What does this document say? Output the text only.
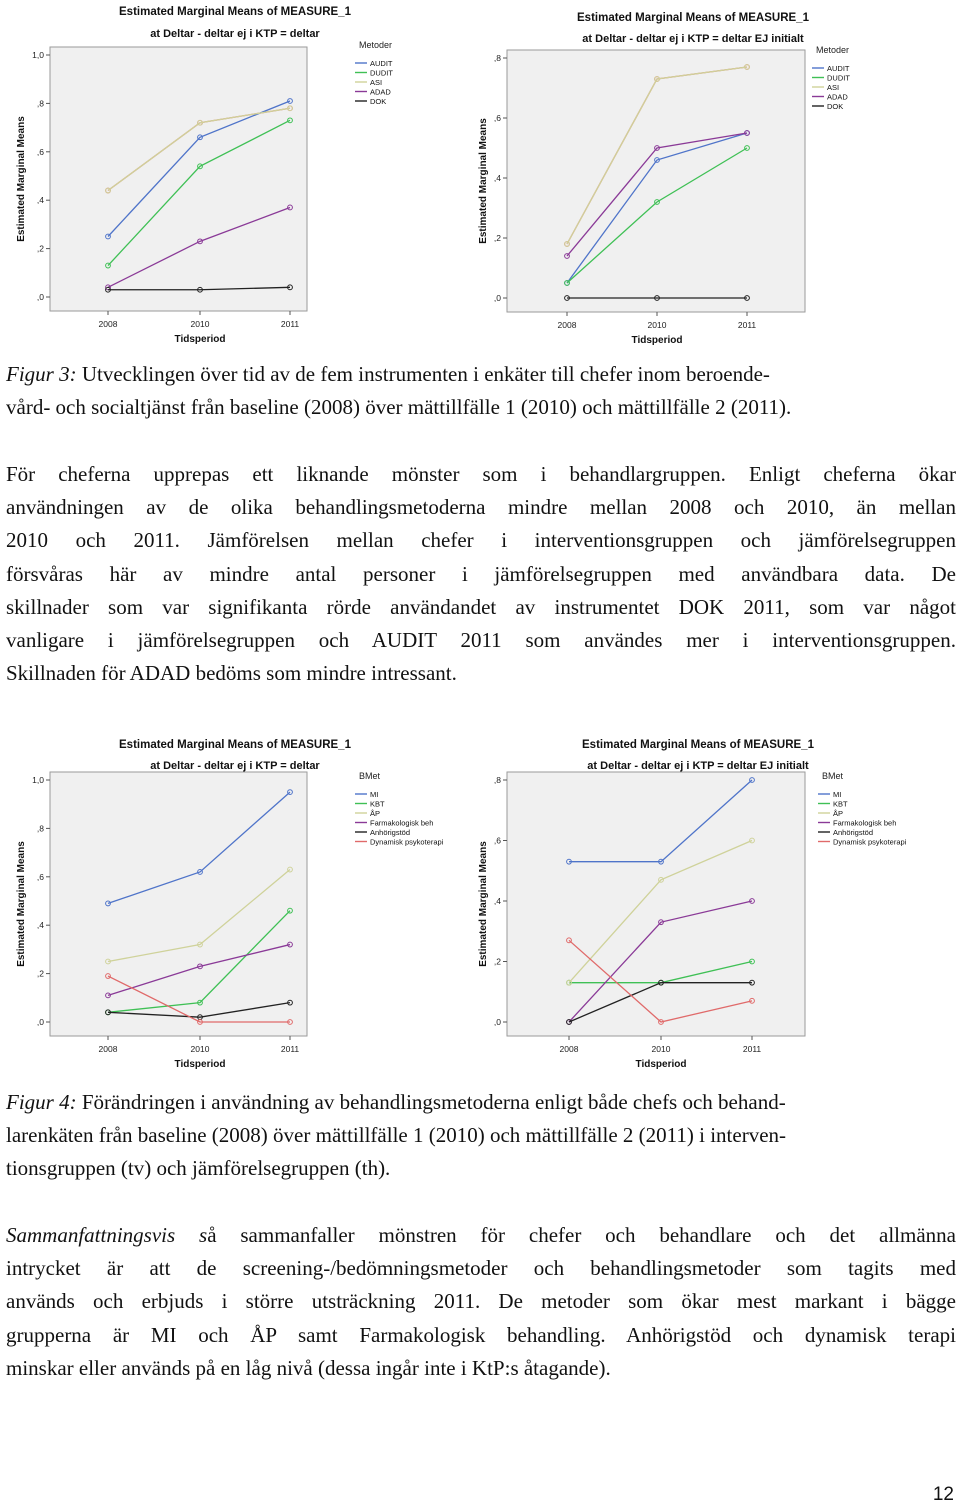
Estimated Marginal Means of MEASURE_1
at Deltar - deltar ej i KTP = deltar
,0
,2
,4
,6
,8
1,0
Estimated Marginal Means
2008	2010	2011
Tidsperiod
Metoder
AUDIT
DUDIT
ASI
ADAD
DOK
Estimated Marginal Means of MEASURE_1
at Deltar - deltar ej i KTP = deltar EJ initialt
,0
,2
,4
,6
,8
Estimated Marginal Means
2008	2010	2011
Tidsperiod
Metoder
AUDIT
DUDIT
ASI
ADAD
DOK
Figur 3: Utvecklingen över tid av de fem instrumenten i enkäter till chefer inom beroende-
vård- och socialtjänst från baseline (2008) över mättillfälle 1 (2010) och mättillfälle 2 (2011).
För cheferna upprepas ett liknande mönster som i behandlargruppen. Enligt cheferna ökar
användningen av de olika behandlingsmetoderna mindre mellan 2008 och 2010, än mellan
2010 och 2011. Jämförelsen mellan chefer i interventionsgruppen och jämförelsegruppen
försvåras här av mindre antal personer i jämförelsegruppen med användbara data. De
skillnader som var signifikanta rörde användandet av instrumentet DOK 2011, som var något
vanligare i jämförelsegruppen och AUDIT 2011 som användes mer i interventionsgruppen.
Skillnaden för ADAD bedöms som mindre intressant.
Estimated Marginal Means of MEASURE_1
at Deltar - deltar ej i KTP = deltar
,0
,2
,4
,6
,8
1,0
Estimated Marginal Means
2008	2010	2011
Tidsperiod
BMet
MI
KBT
ÅP
Farmakologisk beh
Anhörigstöd
Dynamisk psykoterapi
Estimated Marginal Means of MEASURE_1
at Deltar - deltar ej i KTP = deltar EJ initialt
,0
,2
,4
,6
,8
Estimated Marginal Means
2008	2010	2011
Tidsperiod
BMet
MI
KBT
ÅP
Farmakologisk beh
Anhörigstöd
Dynamisk psykoterapi
Figur 4: Förändringen i användning av behandlingsmetoderna enligt både chefs och behand-
larenkäten från baseline (2008) över mättillfälle 1 (2010) och mättillfälle 2 (2011) i interven-
tionsgruppen (tv) och jämförelsegruppen (th).
Sammanfattningsvis så sammanfaller mönstren för chefer och behandlare och det allmänna
intrycket är att de screening-/bedömningsmetoder och behandlingsmetoder som tagits med
används och erbjuds i större utsträckning 2011. De metoder som ökar mest markant i bägge
grupperna är MI och ÅP samt Farmakologisk behandling. Anhörigstöd och dynamisk terapi
minskar eller används på en låg nivå (dessa ingår inte i KtP:s åtagande).
12
